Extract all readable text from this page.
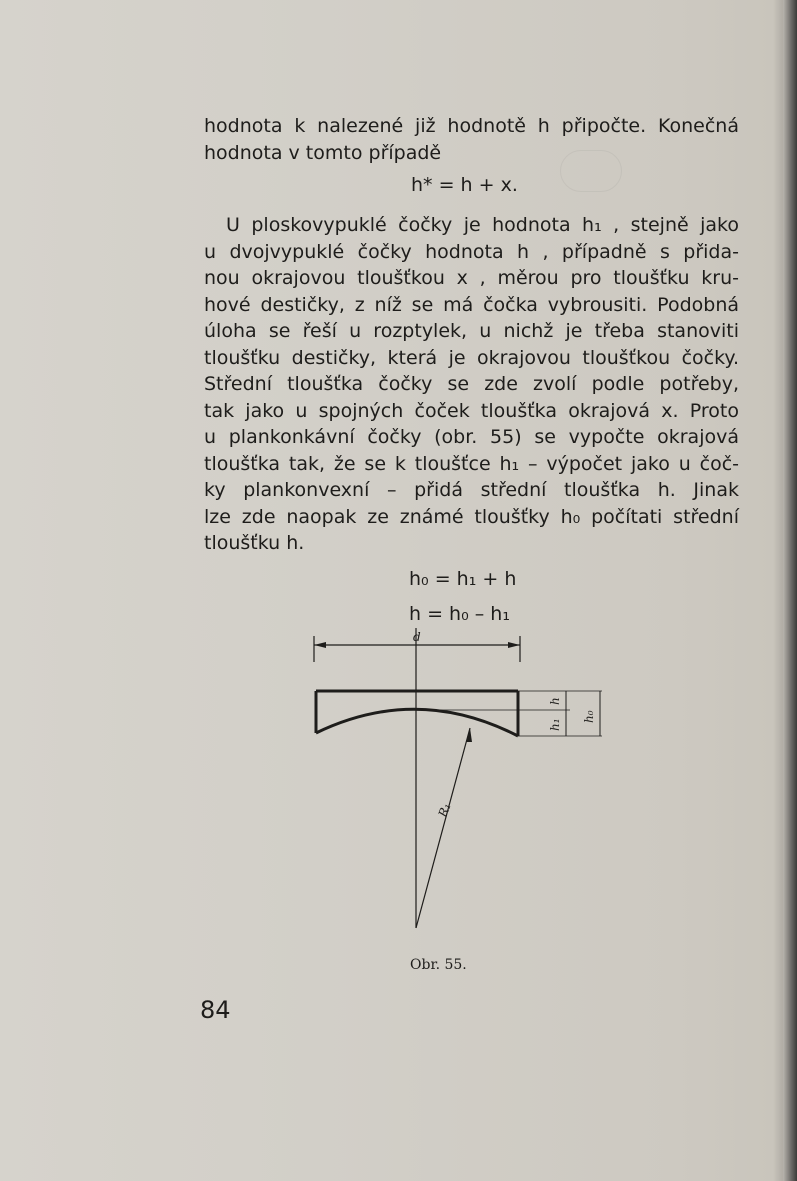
hodnota k nalezené již hodnotě h připočte. Konečná
hodnota v tomto případě
h* = h + x.
U ploskovypuklé čočky je hodnota h₁ , stejně jako
u dvojvypuklé čočky hodnota h , případně s přida-
nou okrajovou tloušťkou x , měrou pro tloušťku kru-
hové destičky, z níž se má čočka vybrousiti. Podobná
úloha se řeší u rozptylek, u nichž je třeba stanoviti
tloušťku destičky, která je okrajovou tloušťkou čočky.
Střední tloušťka čočky se zde zvolí podle potřeby,
tak jako u spojných čoček tloušťka okrajová x. Proto
u plankonkávní čočky (obr. 55) se vypočte okrajová
tloušťka tak, že se k tloušťce h₁ – výpočet jako u čoč-
ky plankonvexní – přidá střední tloušťka h. Jinak
lze zde naopak ze známé tloušťky h₀ počítati střední
tloušťku h.
h₀ = h₁ + h
h = h₀ – h₁
d
h
h₁
h₀
R₁
Obr. 55.
84
